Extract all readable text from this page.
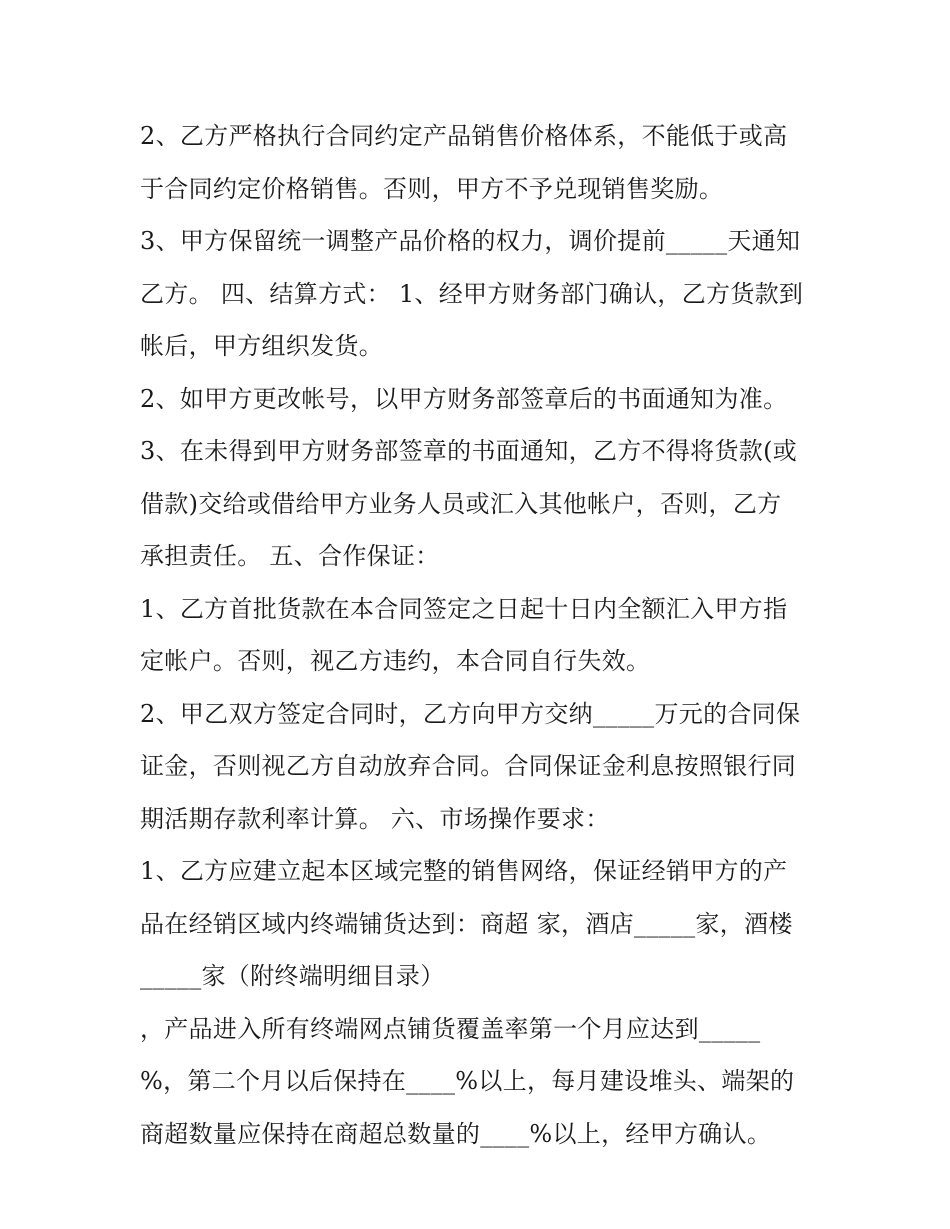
2、乙方严格执行合同约定产品销售价格体系，不能低于或高
于合同约定价格销售。否则，甲方不予兑现销售奖励。
3、甲方保留统一调整产品价格的权力，调价提前_____天通知
乙方。 四、结算方式： 1、经甲方财务部门确认，乙方货款到
帐后，甲方组织发货。
2、如甲方更改帐号，以甲方财务部签章后的书面通知为准。
3、在未得到甲方财务部签章的书面通知，乙方不得将货款(或
借款)交给或借给甲方业务人员或汇入其他帐户，否则，乙方
承担责任。 五、合作保证：
1、乙方首批货款在本合同签定之日起十日内全额汇入甲方指
定帐户。否则，视乙方违约，本合同自行失效。
2、甲乙双方签定合同时，乙方向甲方交纳_____万元的合同保
证金，否则视乙方自动放弃合同。合同保证金利息按照银行同
期活期存款利率计算。 六、市场操作要求：
1、乙方应建立起本区域完整的销售网络，保证经销甲方的产
品在经销区域内终端铺货达到：商超 家，酒店_____家，酒楼
_____家（附终端明细目录）
，产品进入所有终端网点铺货覆盖率第一个月应达到_____
%，第二个月以后保持在____%以上，每月建设堆头、端架的
商超数量应保持在商超总数量的____%以上，经甲方确认。
